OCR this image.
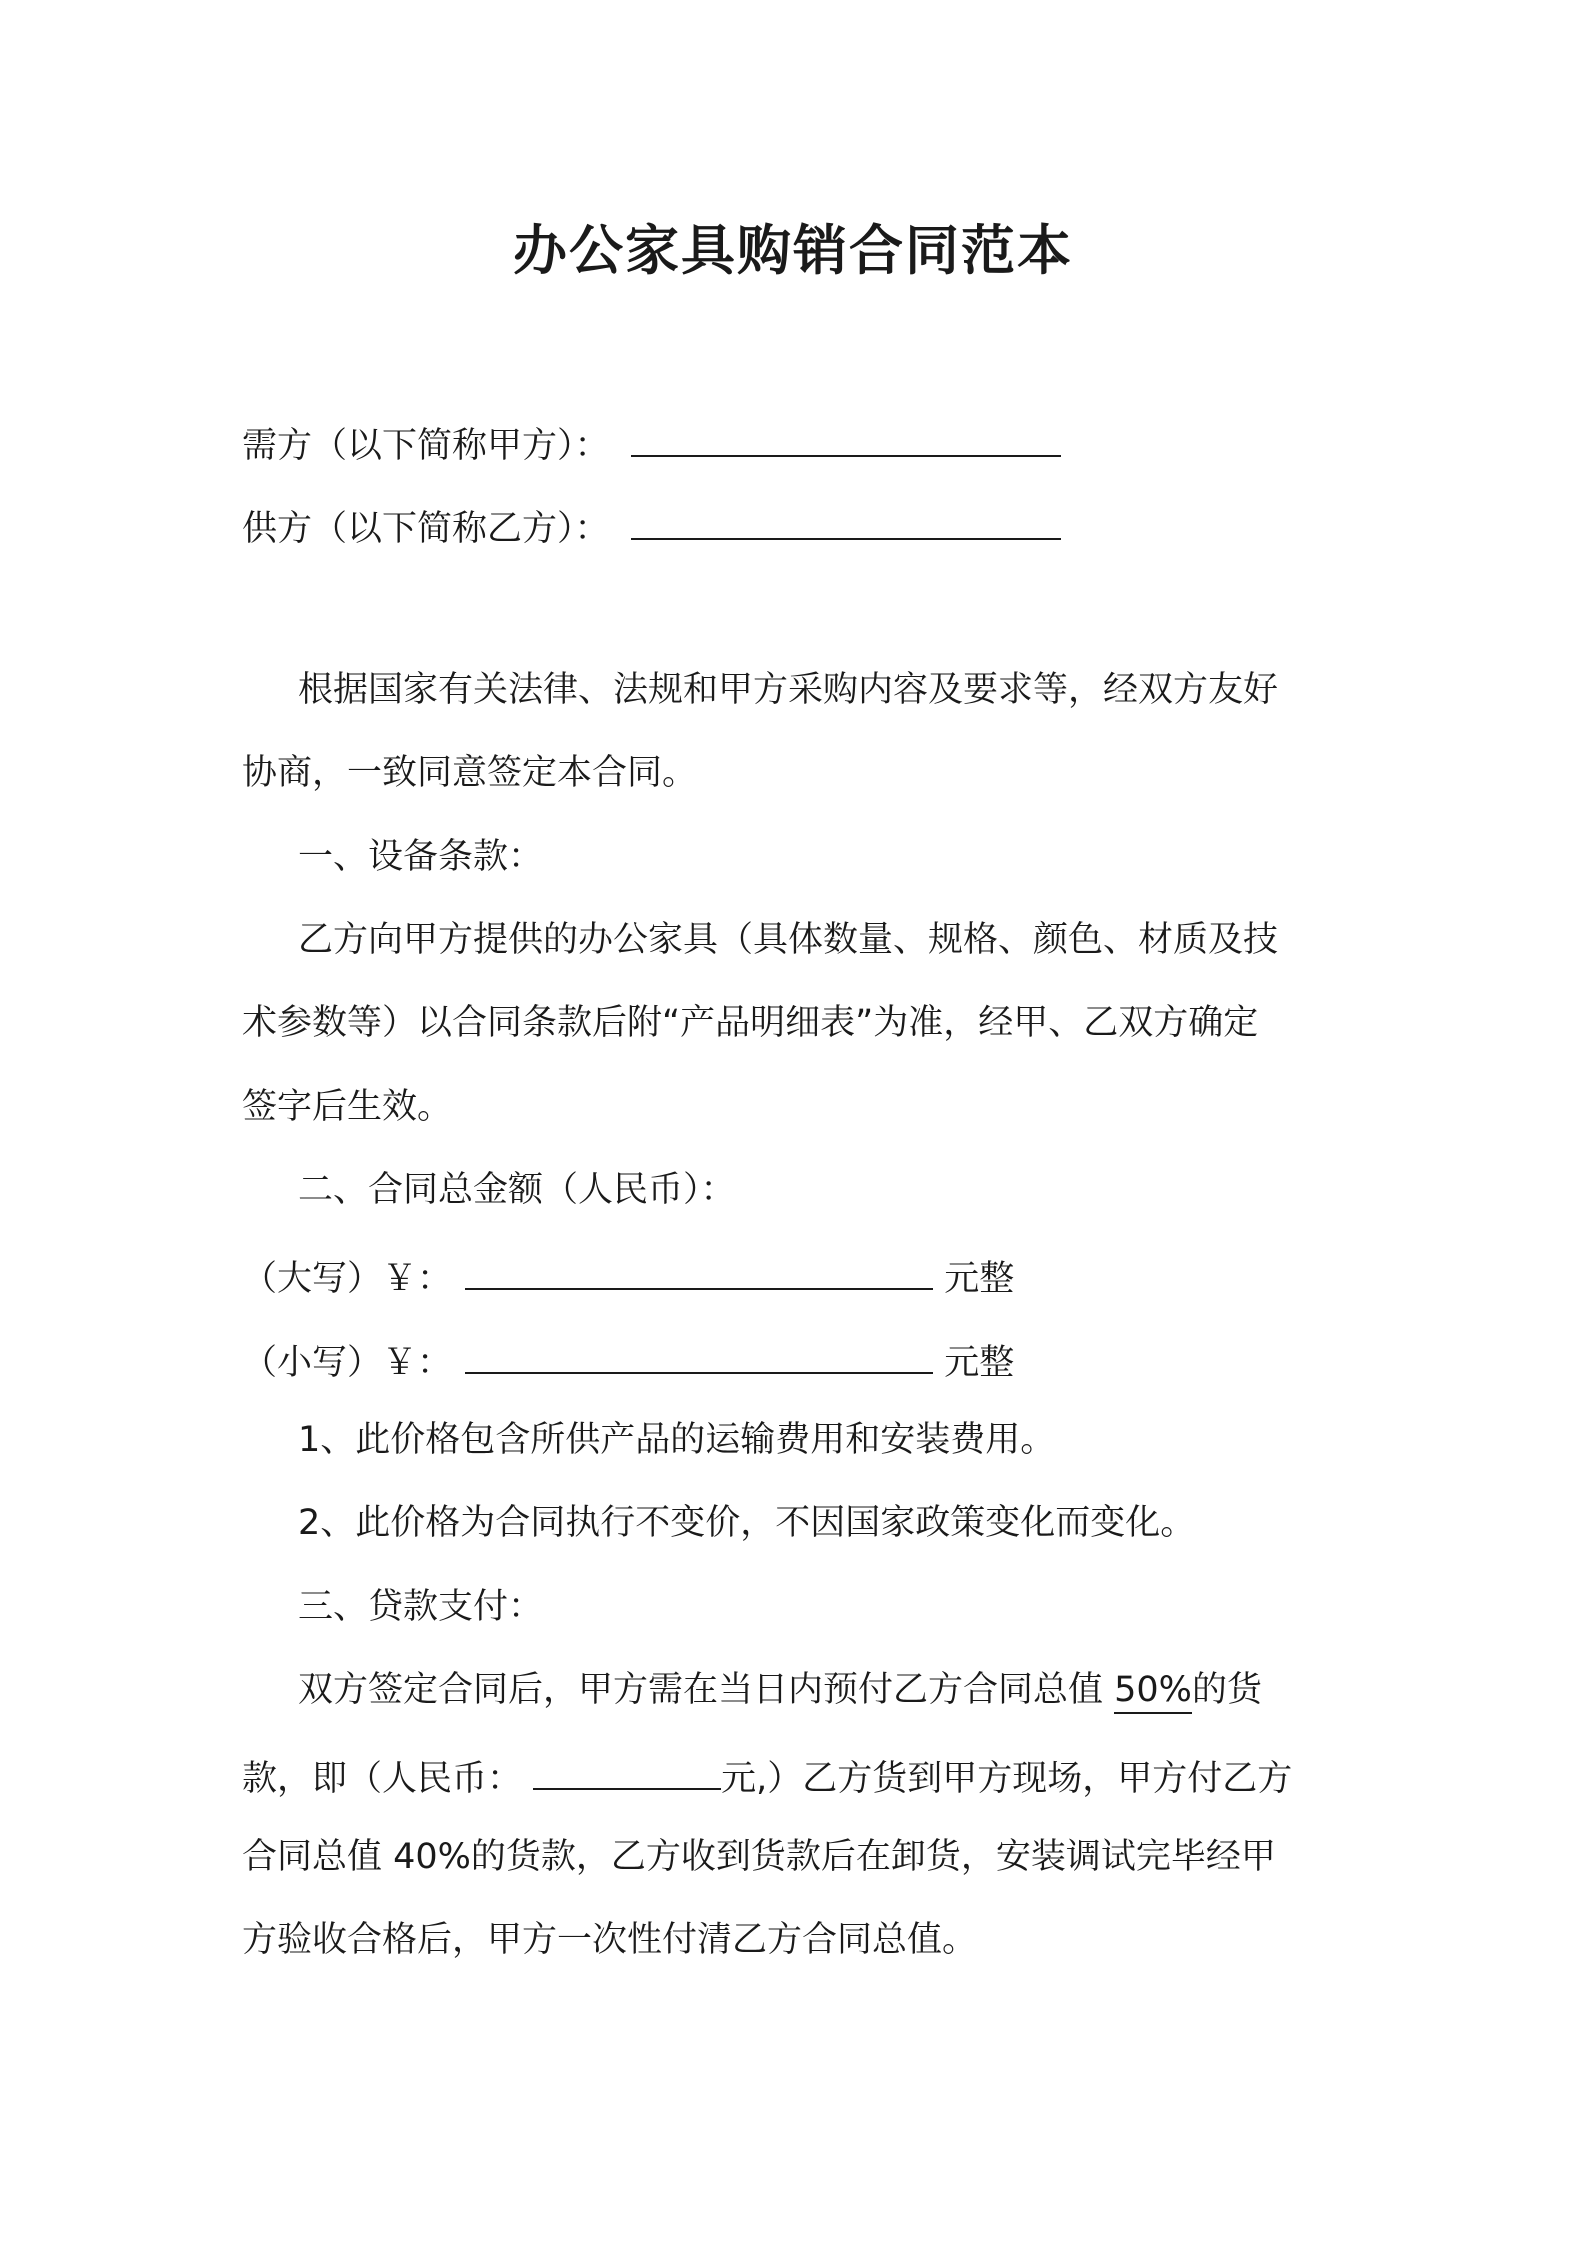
办公家具购销合同范本
需方（以下简称甲方）：
供方（以下简称乙方）：
根据国家有关法律、法规和甲方采购内容及要求等，经双方友好
协商，一致同意签定本合同。
一、设备条款：
乙方向甲方提供的办公家具（具体数量、规格、颜色、材质及技
术参数等）以合同条款后附“产品明细表”为准，经甲、乙双方确定
签字后生效。
二、合同总金额（人民币）：
（大写）￥：	元整
（小写）￥：	元整
1、此价格包含所供产品的运输费用和安装费用。
2、此价格为合同执行不变价，不因国家政策变化而变化。
三、贷款支付：
双方签定合同后，甲方需在当日内预付乙方合同总值 50%的货
款，即（人民币：	元,）乙方货到甲方现场，甲方付乙方
合同总值 40%的货款，乙方收到货款后在卸货，安装调试完毕经甲
方验收合格后，甲方一次性付清乙方合同总值。
